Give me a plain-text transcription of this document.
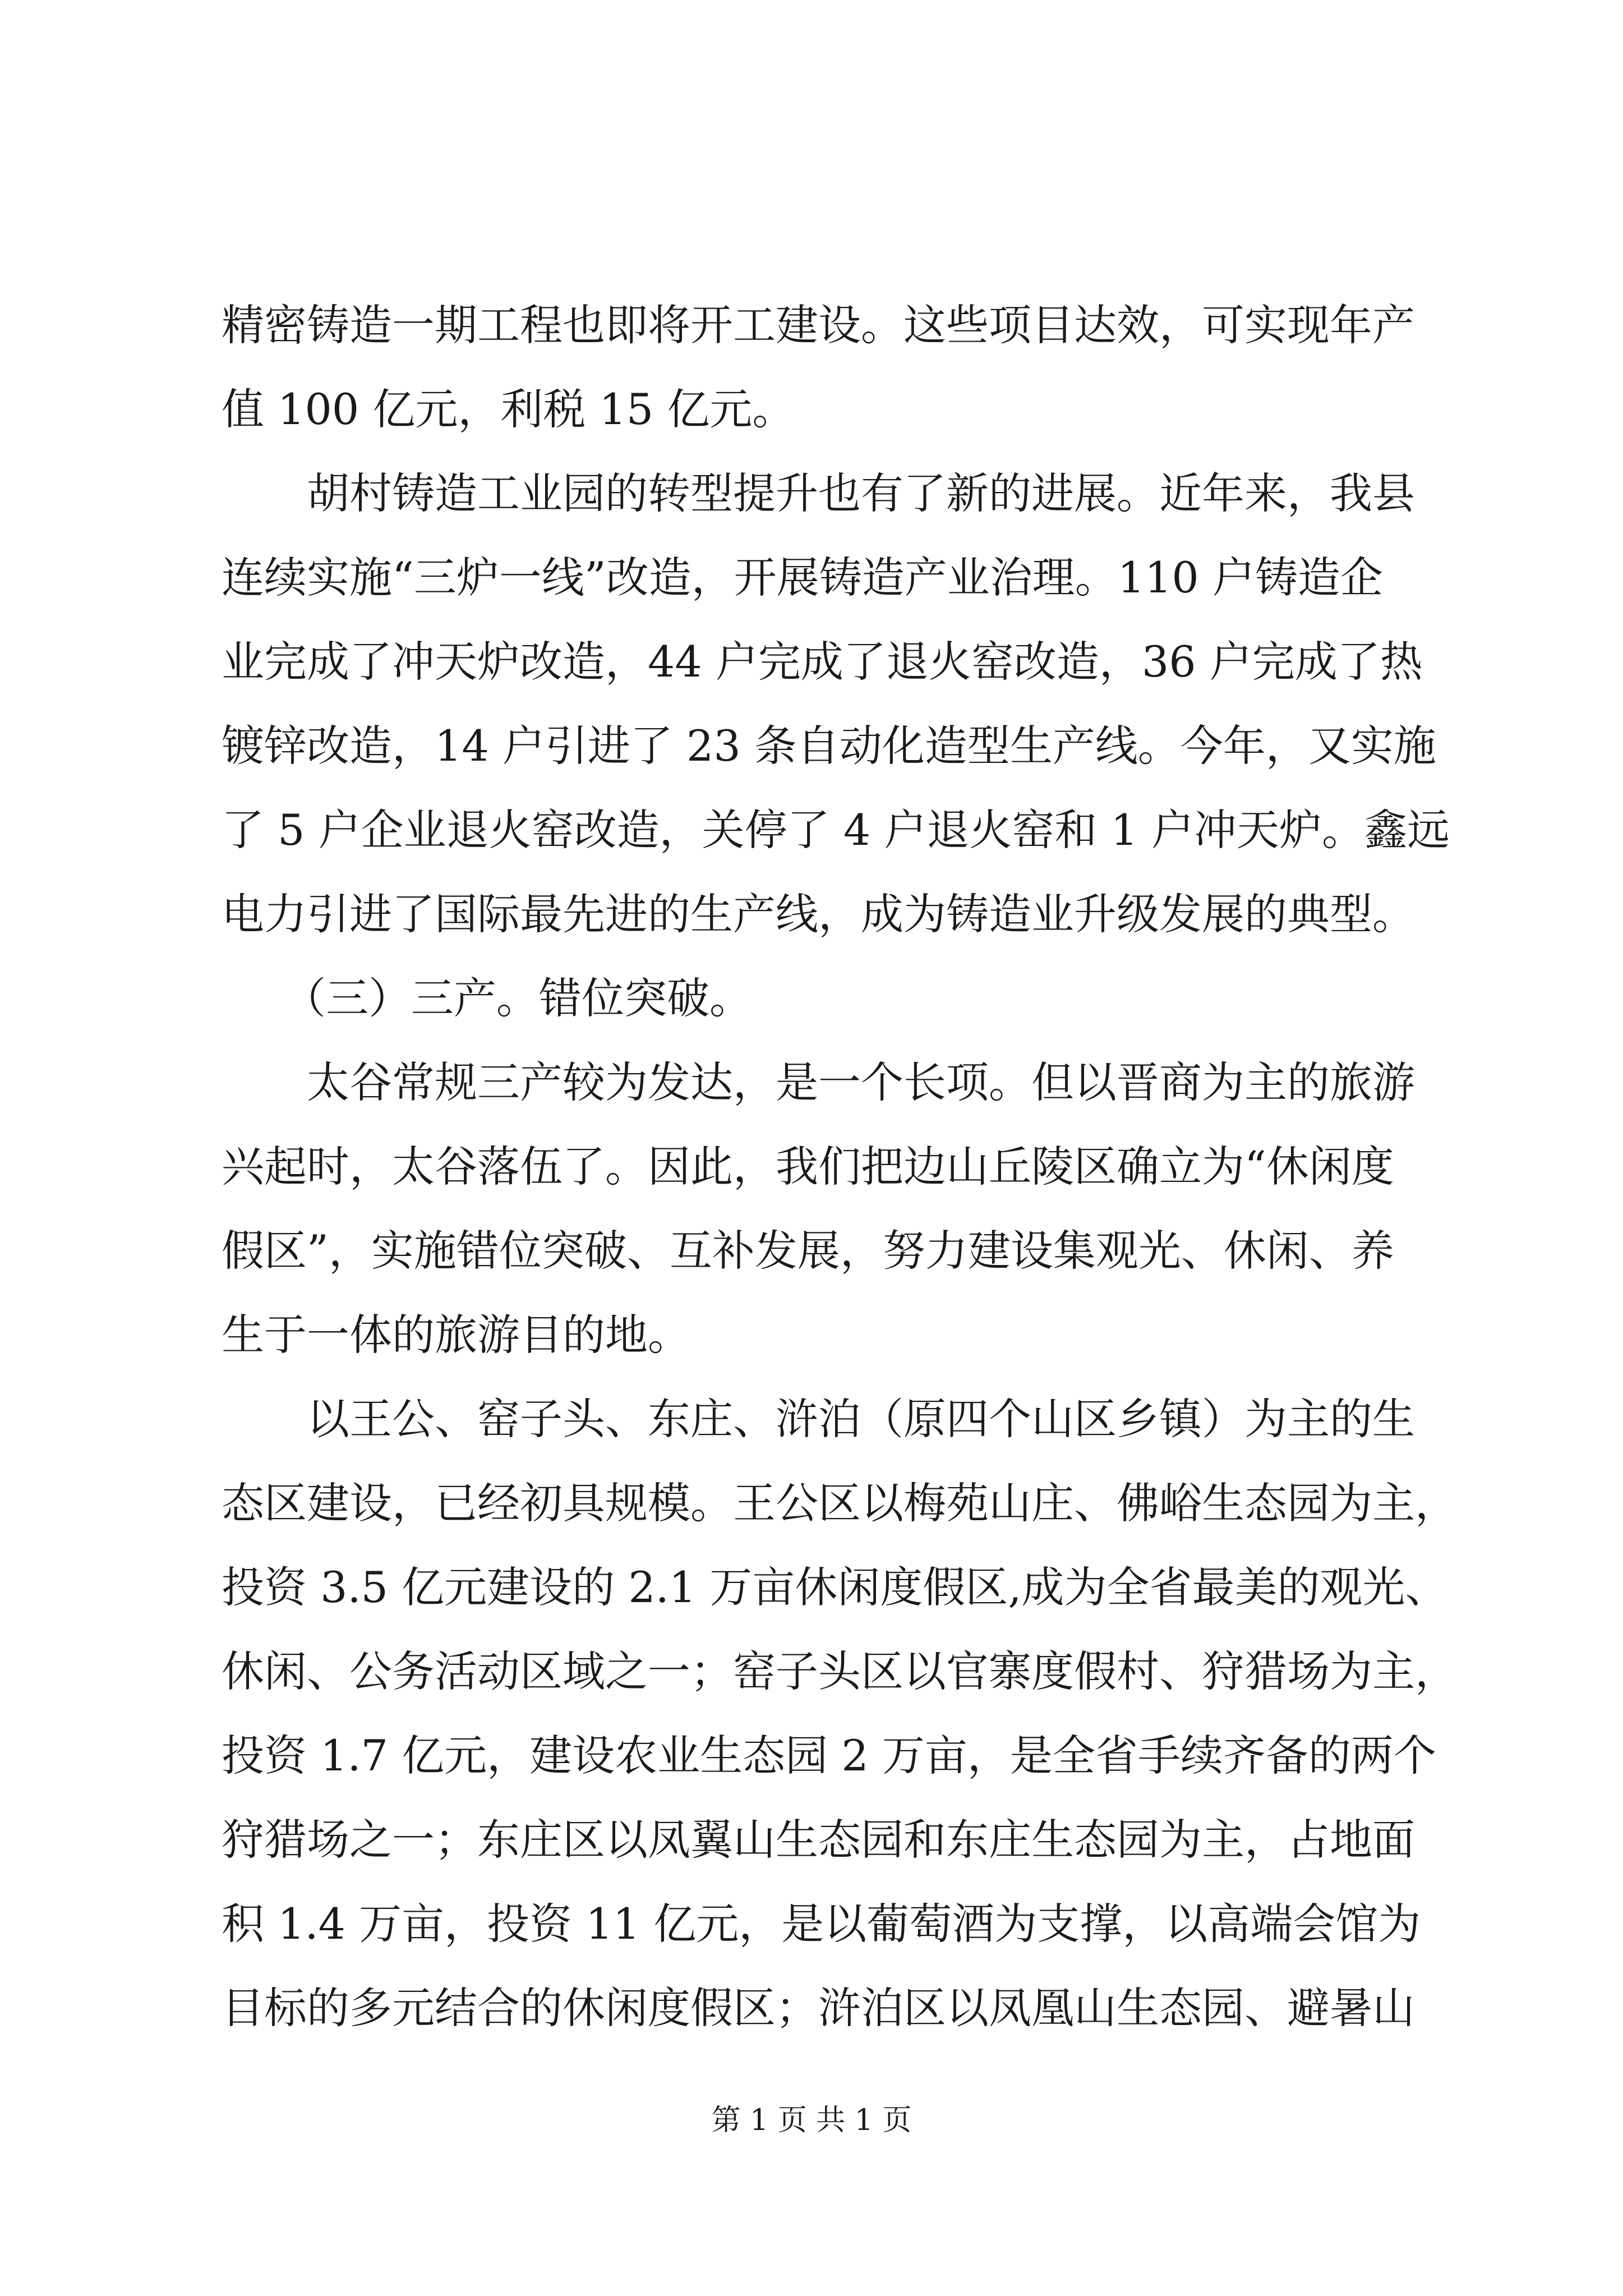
精密铸造一期工程也即将开工建设。这些项目达效，可实现年产
值 100 亿元，利税 15 亿元。
胡村铸造工业园的转型提升也有了新的进展。近年来，我县
连续实施“三炉一线”改造，开展铸造产业治理。110 户铸造企
业完成了冲天炉改造，44 户完成了退火窑改造，36 户完成了热
镀锌改造，14 户引进了 23 条自动化造型生产线。今年，又实施
了 5 户企业退火窑改造，关停了 4 户退火窑和 1 户冲天炉。鑫远
电力引进了国际最先进的生产线，成为铸造业升级发展的典型。
（三）三产。错位突破。
太谷常规三产较为发达，是一个长项。但以晋商为主的旅游
兴起时，太谷落伍了。因此，我们把边山丘陵区确立为“休闲度
假区”，实施错位突破、互补发展，努力建设集观光、休闲、养
生于一体的旅游目的地。
以王公、窑子头、东庄、浒泊（原四个山区乡镇）为主的生
态区建设，已经初具规模。王公区以梅苑山庄、佛峪生态园为主，
投资 3.5 亿元建设的 2.1 万亩休闲度假区,成为全省最美的观光、
休闲、公务活动区域之一；窑子头区以官寨度假村、狩猎场为主，
投资 1.7 亿元，建设农业生态园 2 万亩，是全省手续齐备的两个
狩猎场之一；东庄区以凤翼山生态园和东庄生态园为主，占地面
积 1.4 万亩，投资 11 亿元，是以葡萄酒为支撑，以高端会馆为
目标的多元结合的休闲度假区；浒泊区以凤凰山生态园、避暑山
第 1 页 共 1 页
